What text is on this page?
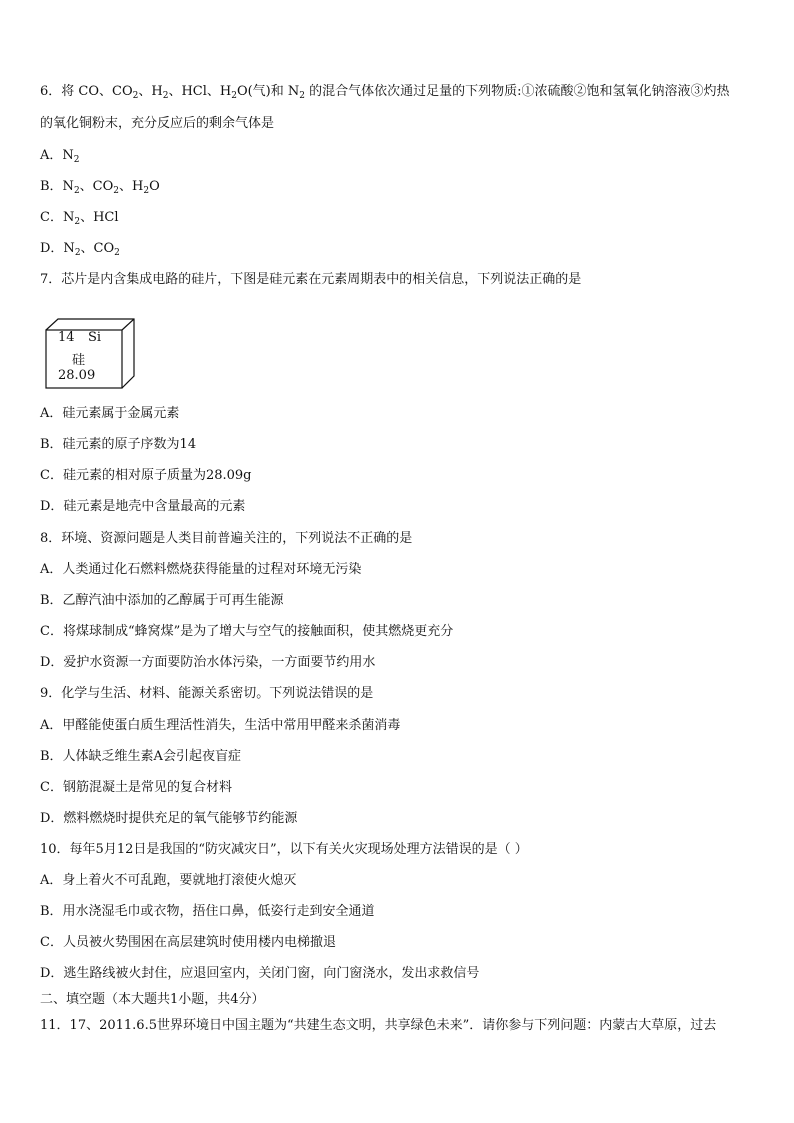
6．将 CO、$CO_2$、$H_2$、HCl、$H_2O$(气)和 $N_2$ 的混合气体依次通过足量的下列物质:①浓硫酸②饱和氢氧化钠溶液③灼热
的氧化铜粉末，充分反应后的剩余气体是
A．$N_2$
B．$N_2$、$CO_2$、$H_2O$
C．$N_2$、HCl
D．$N_2$、$CO_2$
7．芯片是内含集成电路的硅片，下图是硅元素在元素周期表中的相关信息，下列说法正确的是
14 Si
硅
28.09
A．硅元素属于金属元素
B．硅元素的原子序数为14
C．硅元素的相对原子质量为28.09g
D．硅元素是地壳中含量最高的元素
8．环境、资源问题是人类目前普遍关注的，下列说法不正确的是
A．人类通过化石燃料燃烧获得能量的过程对环境无污染
B．乙醇汽油中添加的乙醇属于可再生能源
C．将煤球制成“蜂窝煤”是为了增大与空气的接触面积，使其燃烧更充分
D．爱护水资源一方面要防治水体污染，一方面要节约用水
9．化学与生活、材料、能源关系密切。下列说法错误的是
A．甲醛能使蛋白质生理活性消失，生活中常用甲醛来杀菌消毒
B．人体缺乏维生素A会引起夜盲症
C．钢筋混凝土是常见的复合材料
D．燃料燃烧时提供充足的氧气能够节约能源
10．每年5月12日是我国的“防灾减灾日”，以下有关火灾现场处理方法错误的是（ ）
A．身上着火不可乱跑，要就地打滚使火熄灭
B．用水浇湿毛巾或衣物，捂住口鼻，低姿行走到安全通道
C．人员被火势围困在高层建筑时使用楼内电梯撤退
D．逃生路线被火封住，应退回室内，关闭门窗，向门窗浇水，发出求救信号
二、填空题（本大题共1小题，共4分）
11．17、2011.6.5世界环境日中国主题为“共建生态文明，共享绿色未来”．请你参与下列问题：内蒙古大草原，过去
